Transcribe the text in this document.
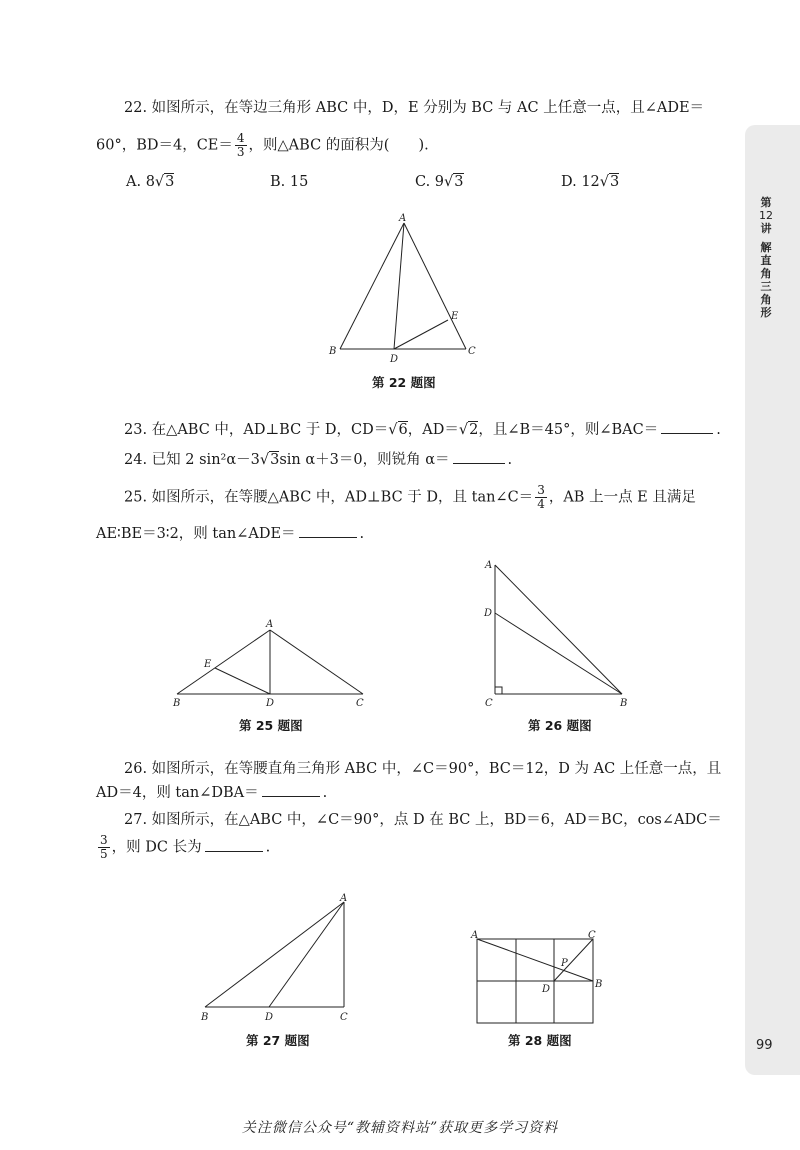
第
12
讲
解
直
角
三
角
形
99
22. 如图所示，在等边三角形 ABC 中，D，E 分别为 BC 与 AC 上任意一点，且∠ADE＝
60°，BD＝4，$CE= \frac{4}{3}$ ，则△ABC 的面积为(　　).
A. 8√3	B. 15	C. 9√3	D. 12√3
A
B	C
D
E
第 22 题图
23. 在△ABC 中，AD⊥BC 于 D，CD＝√6，AD＝√2，且∠B＝45°，则∠BAC＝	.
24. 已知 2 sin²α－3√3sin α＋3＝0，则锐角 α＝	.
25. 如图所示，在等腰△ABC 中，AD⊥BC 于 D，且 tan∠C＝ $\frac{3}{4}$ ，AB 上一点 E 且满足
AE∶BE＝3∶2，则 tan∠ADE＝	.
A
B	C
D
E
第 25 题图
A
D
C	B
第 26 题图
26. 如图所示，在等腰直角三角形 ABC 中，∠C＝90°，BC＝12，D 为 AC 上任意一点，且
AD＝4，则 tan∠DBA＝	.
27. 如图所示，在△ABC 中，∠C＝90°，点 D 在 BC 上，BD＝6，AD＝BC，cos∠ADC＝
$\frac{3}{5}$ ，则 DC 长为	.
A
B	D	C
第 27 题图
A	C
P
B
D
第 28 题图
关注微信公众号“教辅资料站”获取更多学习资料
